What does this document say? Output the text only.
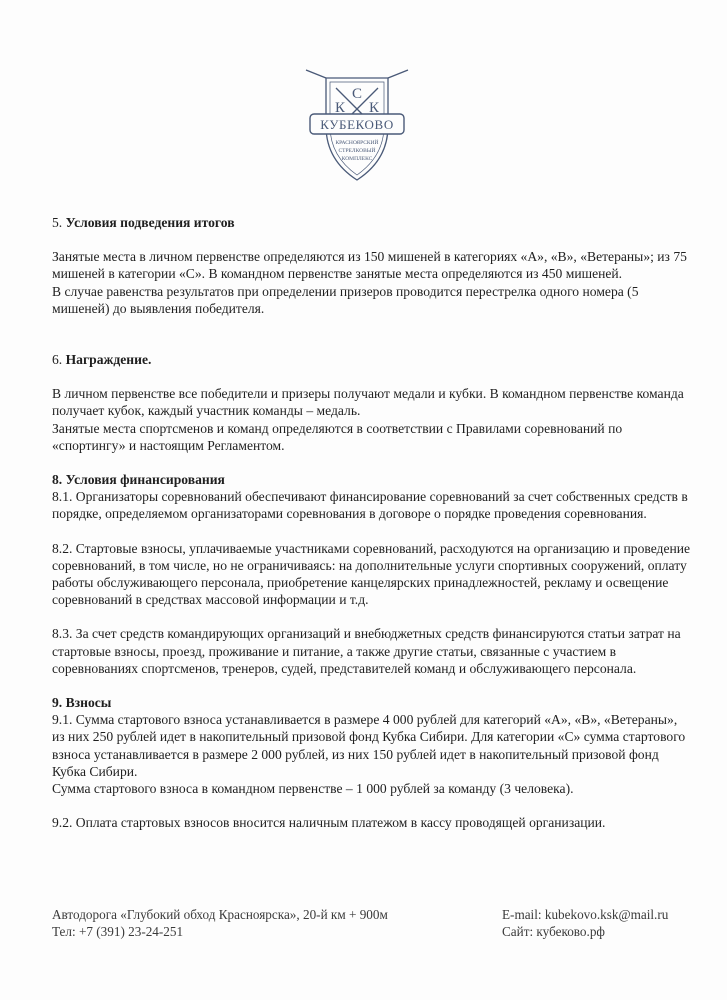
С
К К
КУБЕКОВО
КРАСНОЯРСКИЙ
СТРЕЛКОВЫЙ
КОМПЛЕКС

5. Условия подведения итогов

Занятые места в личном первенстве определяются из 150 мишеней в категориях «А», «В», «Ветераны»; из 75 мишеней в категории «С». В командном первенстве занятые места определяются из 450 мишеней.

В случае равенства результатов при определении призеров проводится перестрелка одного номера (5 мишеней) до выявления победителя.

6. Награждение.

В личном первенстве все победители и призеры получают медали и кубки. В командном первенстве команда получает кубок, каждый участник команды – медаль.

Занятые места спортсменов и команд определяются в соответствии с Правилами соревнований по «спортингу» и настоящим Регламентом.

8. Условия финансирования

8.1. Организаторы соревнований обеспечивают финансирование соревнований за счет собственных средств в порядке, определяемом организаторами соревнования в договоре о порядке проведения соревнования.

8.2. Стартовые взносы, уплачиваемые участниками соревнований, расходуются на организацию и проведение соревнований, в том числе, но не ограничиваясь: на дополнительные услуги спортивных сооружений, оплату работы обслуживающего персонала, приобретение канцелярских принадлежностей, рекламу и освещение соревнований в средствах массовой информации и т.д.

8.3. За счет средств командирующих организаций и внебюджетных средств финансируются статьи затрат на стартовые взносы, проезд, проживание и питание, а также другие статьи, связанные с участием в соревнованиях спортсменов, тренеров, судей, представителей команд и обслуживающего персонала.

9. Взносы

9.1. Сумма стартового взноса устанавливается в размере 4 000 рублей для категорий «А», «В», «Ветераны», из них 250 рублей идет в накопительный призовой фонд Кубка Сибири. Для категории «С» сумма стартового взноса устанавливается в размере 2 000 рублей, из них 150 рублей идет в накопительный призовой фонд Кубка Сибири.

Сумма стартового взноса в командном первенстве – 1 000 рублей за команду (3 человека).

9.2. Оплата стартовых взносов вносится наличным платежом в кассу проводящей организации.

Автодорога «Глубокий обход Красноярска», 20-й км + 900м	E-mail: kubekovo.ksk@mail.ru
Тел: +7 (391) 23-24-251	Сайт: кубеково.рф
